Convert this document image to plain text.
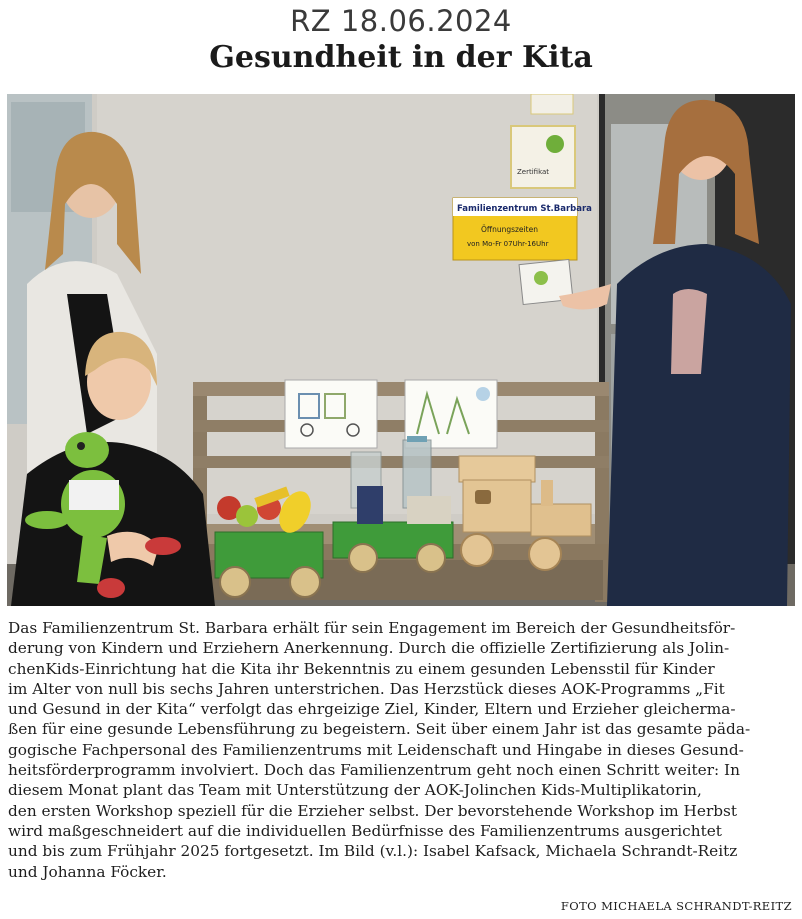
RZ 18.06.2024
Gesundheit in der Kita
Zertifikat
Familienzentrum St.Barbara
Öffnungszeiten
von Mo-Fr 07Uhr-16Uhr
Das Familienzentrum St. Barbara erhält für sein Engagement im Bereich der Gesundheitsför-
derung von Kindern und Erziehern Anerkennung. Durch die offizielle Zertifizierung als Jolin-
chenKids-Einrichtung hat die Kita ihr Bekenntnis zu einem gesunden Lebensstil für Kinder
im Alter von null bis sechs Jahren unterstrichen. Das Herzstück dieses AOK-Programms „Fit
und Gesund in der Kita“ verfolgt das ehrgeizige Ziel, Kinder, Eltern und Erzieher gleicherma-
ßen für eine gesunde Lebensführung zu begeistern. Seit über einem Jahr ist das gesamte päda-
gogische Fachpersonal des Familienzentrums mit Leidenschaft und Hingabe in dieses Gesund-
heitsförderprogramm involviert. Doch das Familienzentrum geht noch einen Schritt weiter: In
diesem Monat plant das Team mit Unterstützung der AOK-Jolinchen Kids-Multiplikatorin,
den ersten Workshop speziell für die Erzieher selbst. Der bevorstehende Workshop im Herbst
wird maßgeschneidert auf die individuellen Bedürfnisse des Familienzentrums ausgerichtet
und bis zum Frühjahr 2025 fortgesetzt. Im Bild (v.l.): Isabel Kafsack, Michaela Schrandt-Reitz
und Johanna Föcker.
FOTO MICHAELA SCHRANDT-REITZ
